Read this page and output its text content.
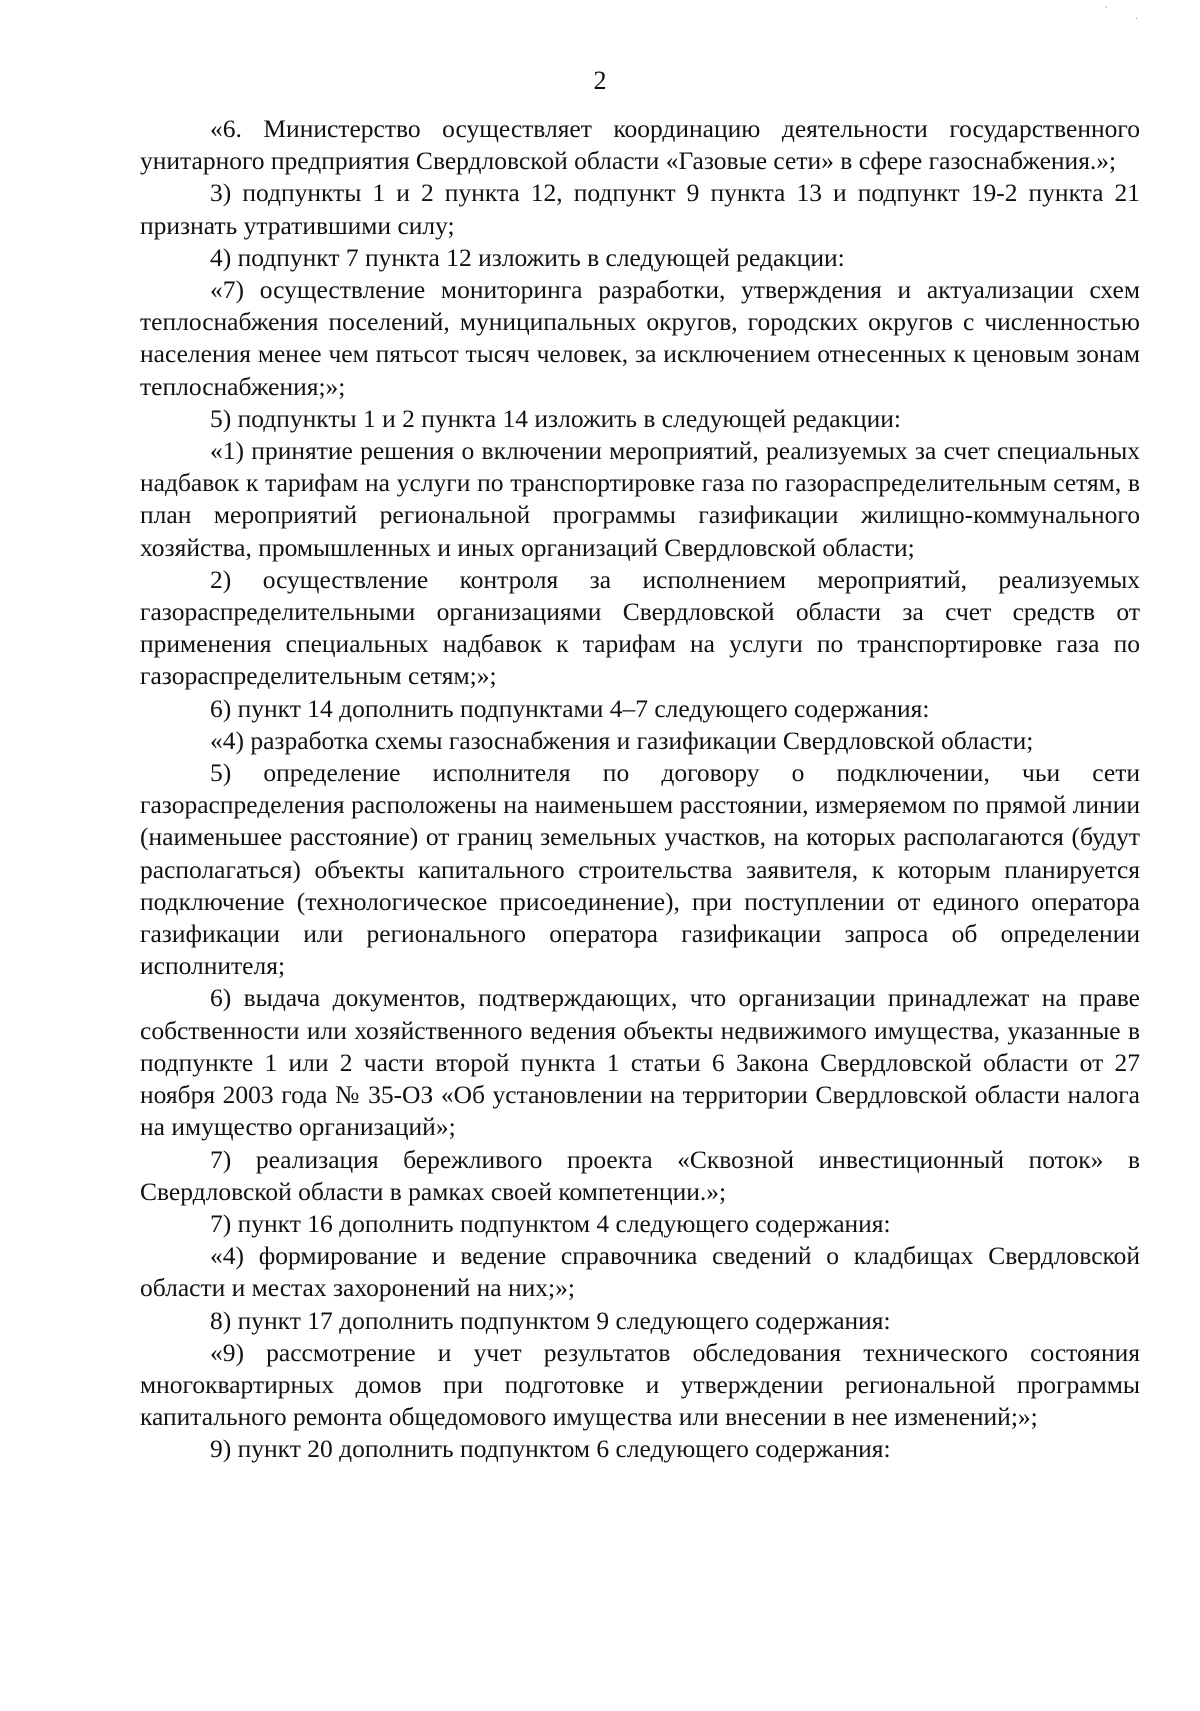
2

«6. Министерство осуществляет координацию деятельности государственного унитарного предприятия Свердловской области «Газовые сети» в сфере газоснабжения.»;

3) подпункты 1 и 2 пункта 12, подпункт 9 пункта 13 и подпункт 19-2 пункта 21 признать утратившими силу;

4) подпункт 7 пункта 12 изложить в следующей редакции:

«7) осуществление мониторинга разработки, утверждения и актуализации схем теплоснабжения поселений, муниципальных округов, городских округов с численностью населения менее чем пятьсот тысяч человек, за исключением отнесенных к ценовым зонам теплоснабжения;»;

5) подпункты 1 и 2 пункта 14 изложить в следующей редакции:

«1) принятие решения о включении мероприятий, реализуемых за счет специальных надбавок к тарифам на услуги по транспортировке газа по газораспределительным сетям, в план мероприятий региональной программы газификации жилищно-коммунального хозяйства, промышленных и иных организаций Свердловской области;

2) осуществление контроля за исполнением мероприятий, реализуемых газораспределительными организациями Свердловской области за счет средств от применения специальных надбавок к тарифам на услуги по транспортировке газа по газораспределительным сетям;»;

6) пункт 14 дополнить подпунктами 4–7 следующего содержания:

«4) разработка схемы газоснабжения и газификации Свердловской области;

5) определение исполнителя по договору о подключении, чьи сети газораспределения расположены на наименьшем расстоянии, измеряемом по прямой линии (наименьшее расстояние) от границ земельных участков, на которых располагаются (будут располагаться) объекты капитального строительства заявителя, к которым планируется подключение (технологическое присоединение), при поступлении от единого оператора газификации или регионального оператора газификации запроса об определении исполнителя;

6) выдача документов, подтверждающих, что организации принадлежат на праве собственности или хозяйственного ведения объекты недвижимого имущества, указанные в подпункте 1 или 2 части второй пункта 1 статьи 6 Закона Свердловской области от 27 ноября 2003 года № 35-ОЗ «Об установлении на территории Свердловской области налога на имущество организаций»;

7) реализация бережливого проекта «Сквозной инвестиционный поток» в Свердловской области в рамках своей компетенции.»;

7) пункт 16 дополнить подпунктом 4 следующего содержания:

«4) формирование и ведение справочника сведений о кладбищах Свердловской области и местах захоронений на них;»;

8) пункт 17 дополнить подпунктом 9 следующего содержания:

«9) рассмотрение и учет результатов обследования технического состояния многоквартирных домов при подготовке и утверждении региональной программы капитального ремонта общедомового имущества или внесении в нее изменений;»;

9) пункт 20 дополнить подпунктом 6 следующего содержания:

ˋ
·
